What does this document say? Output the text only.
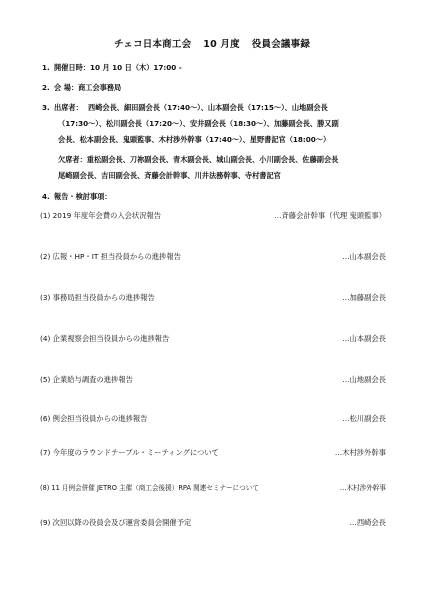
チェコ日本商工会 10 月度 役員会議事録
1. 開催日時：10 月 10 日（木）17:00 -
2. 会 場：商工会事務局
3. 出席者： 西崎会長、細田副会長（17:40～）、山本副会長（17:15～）、山地副会長
（17:30～）、松川副会長（17:20～）、安井副会長（18:30～）、加藤副会長、勝又副
会長、松本副会長、鬼頭監事、木村渉外幹事（17:40～）、星野書記官（18:00～）
欠席者：重松副会長、刀祢副会長、青木副会長、城山副会長、小川副会長、佐藤副会長
尾崎副会長、吉田副会長、斉藤会計幹事、川井法務幹事、寺村書記官
4. 報告・検討事項：
(1) 2019 年度年会費の入会状況報告	…斉藤会計幹事（代理 鬼頭監事）
(2) 広報・HP・IT 担当役員からの進捗報告	…山本副会長
(3) 事務局担当役員からの進捗報告	…加藤副会長
(4) 企業視察会担当役員からの進捗報告	…山本副会長
(5) 企業給与調査の進捗報告	…山地副会長
(6) 例会担当役員からの進捗報告	…松川副会長
(7) 今年度のラウンドテーブル・ミーティングについて	…木村渉外幹事
(8) 11 月例会併催 JETRO 主催（商工会後援）RPA 関連セミナーについて	…木村渉外幹事
(9) 次回以降の役員会及び運営委員会開催予定	…西崎会長
